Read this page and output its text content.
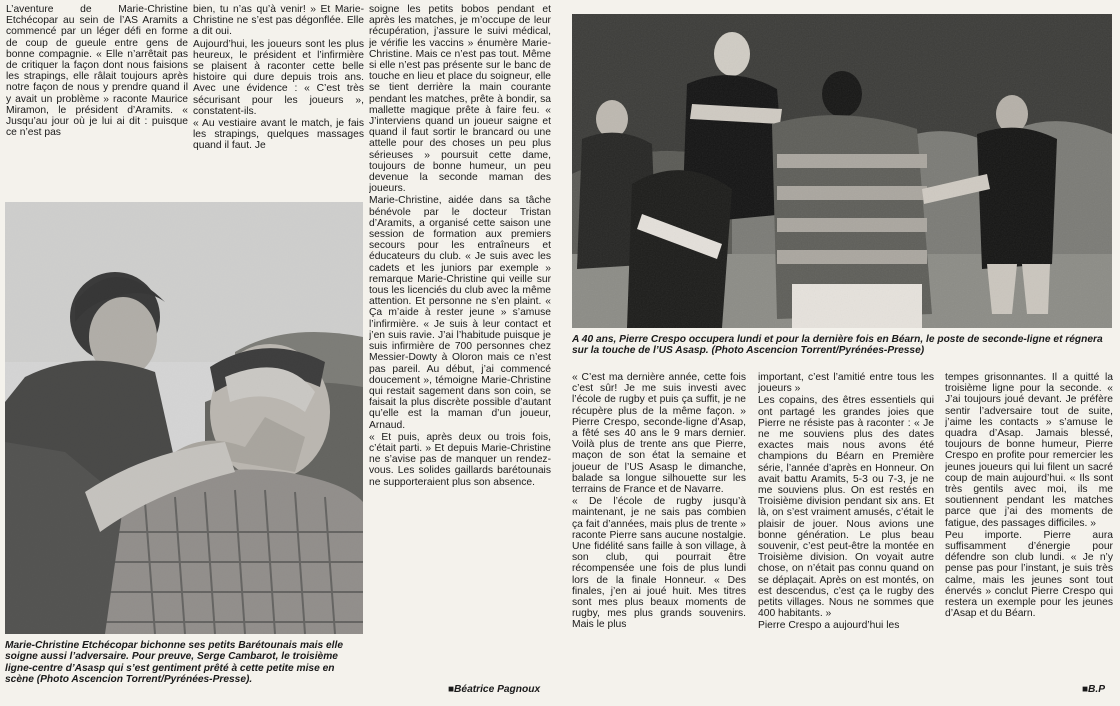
L’aventure de Marie-Christine Etchécopar au sein de l’AS Aramits a commencé par un léger défi en forme de coup de gueule entre gens de bonne compagnie. « Elle n’arrêtait pas de critiquer la façon dont nous faisions les strapings, elle râlait toujours après notre façon de nous y prendre quand il y avait un problème » raconte Maurice Miramon, le président d’Aramits. « Jusqu’au jour où je lui ai dit : puisque ce n’est pas

bien, tu n’as qu’à venir! » Et Marie-Christine ne s’est pas dégonflée. Elle a dit oui.

Aujourd’hui, les joueurs sont les plus heureux, le président et l’infirmière se plaisent à raconter cette belle histoire qui dure depuis trois ans. Avec une évidence : « C’est très sécurisant pour les joueurs », constatent-ils.

« Au vestiaire avant le match, je fais les strapings, quelques massages quand il faut. Je

soigne les petits bobos pendant et après les matches, je m’occupe de leur récupération, j’assure le suivi médical, je vérifie les vaccins » énumère Marie-Christine. Mais ce n’est pas tout. Même si elle n’est pas présente sur le banc de touche en lieu et place du soigneur, elle se tient derrière la main courante pendant les matches, prête à bondir, sa mallette magique prête à faire feu. « J’interviens quand un joueur saigne et quand il faut sortir le brancard ou une attelle pour des choses un peu plus sérieuses » poursuit cette dame, toujours de bonne humeur, un peu devenue la seconde maman des joueurs.

Marie-Christine, aidée dans sa tâche bénévole par le docteur Tristan d’Aramits, a organisé cette saison une session de formation aux premiers secours pour les entraîneurs et éducateurs du club. « Je suis avec les cadets et les juniors par exemple » remarque Marie-Christine qui veille sur tous les licenciés du club avec la même attention. Et personne ne s’en plaint. « Ça m’aide à rester jeune » s’amuse l’infirmière. « Je suis à leur contact et j’en suis ravie. J’ai l’habitude puisque je suis infirmière de 700 personnes chez Messier-Dowty à Oloron mais ce n’est pas pareil. Au début, j’ai commencé doucement », témoigne Marie-Christine qui restait sagement dans son coin, se faisait la plus discrète possible d’autant qu’elle est la maman d’un joueur, Arnaud.

« Et puis, après deux ou trois fois, c’était parti. » Et depuis Marie-Christine ne s’avise pas de manquer un rendez-vous. Les solides gaillards barétounais ne supporteraient plus son absence.

Marie-Christine Etchécopar bichonne ses petits Barétounais mais elle soigne aussi l’adversaire. Pour preuve, Serge Cambarot, le troisième ligne-centre d’Asasp qui s’est gentiment prêté à cette petite mise en scène (Photo Ascencion Torrent/Pyrénées-Presse).
■Béatrice Pagnoux
A 40 ans, Pierre Crespo occupera lundi et pour la dernière fois en Béarn, le poste de seconde-ligne et régnera sur la touche de l’US Asasp. (Photo Ascencion Torrent/Pyrénées-Presse)

« C’est ma dernière année, cette fois c’est sûr! Je me suis investi avec l’école de rugby et puis ça suffit, je ne récupère plus de la même façon. » Pierre Crespo, seconde-ligne d’Asap, a fêté ses 40 ans le 9 mars dernier. Voilà plus de trente ans que Pierre, maçon de son état la semaine et joueur de l’US Asasp le dimanche, balade sa longue silhouette sur les terrains de France et de Navarre.

« De l’école de rugby jusqu’à maintenant, je ne sais pas combien ça fait d’années, mais plus de trente » raconte Pierre sans aucune nostalgie. Une fidélité sans faille à son village, à son club, qui pourrait être récompensée une fois de plus lundi lors de la finale Honneur. « Des finales, j’en ai joué huit. Mes titres sont mes plus beaux moments de rugby, mes plus grands souvenirs. Mais le plus

important, c’est l’amitié entre tous les joueurs »

Les copains, des êtres essentiels qui ont partagé les grandes joies que Pierre ne résiste pas à raconter : « Je ne me souviens plus des dates exactes mais nous avons été champions du Béarn en Première série, l’année d’après en Honneur. On avait battu Aramits, 5-3 ou 7-3, je ne me souviens plus. On est restés en Troisième division pendant six ans. Et là, on s’est vraiment amusés, c’était le plaisir de jouer. Nous avions une bonne génération. Le plus beau souvenir, c’est peut-être la montée en Troisième division. On voyait autre chose, on n’était pas connu quand on se déplaçait. Après on est montés, on est descendus, c’est ça le rugby des petits villages. Nous ne sommes que 400 habitants. »

Pierre Crespo a aujourd’hui les

tempes grisonnantes. Il a quitté la troisième ligne pour la seconde. « J’ai toujours joué devant. Je préfère sentir l’adversaire tout de suite, j’aime les contacts » s’amuse le quadra d’Asap. Jamais blessé, toujours de bonne humeur, Pierre Crespo en profite pour remercier les jeunes joueurs qui lui filent un sacré coup de main aujourd’hui. « Ils sont très gentils avec moi, ils me soutiennent pendant les matches parce que j’ai des moments de fatigue, des passages difficiles. »

Peu importe. Pierre aura suffisamment d’énergie pour défendre son club lundi. « Je n’y pense pas pour l’instant, je suis très calme, mais les jeunes sont tout énervés » conclut Pierre Crespo qui restera un exemple pour les jeunes d’Asap et du Béarn.

■B.P
